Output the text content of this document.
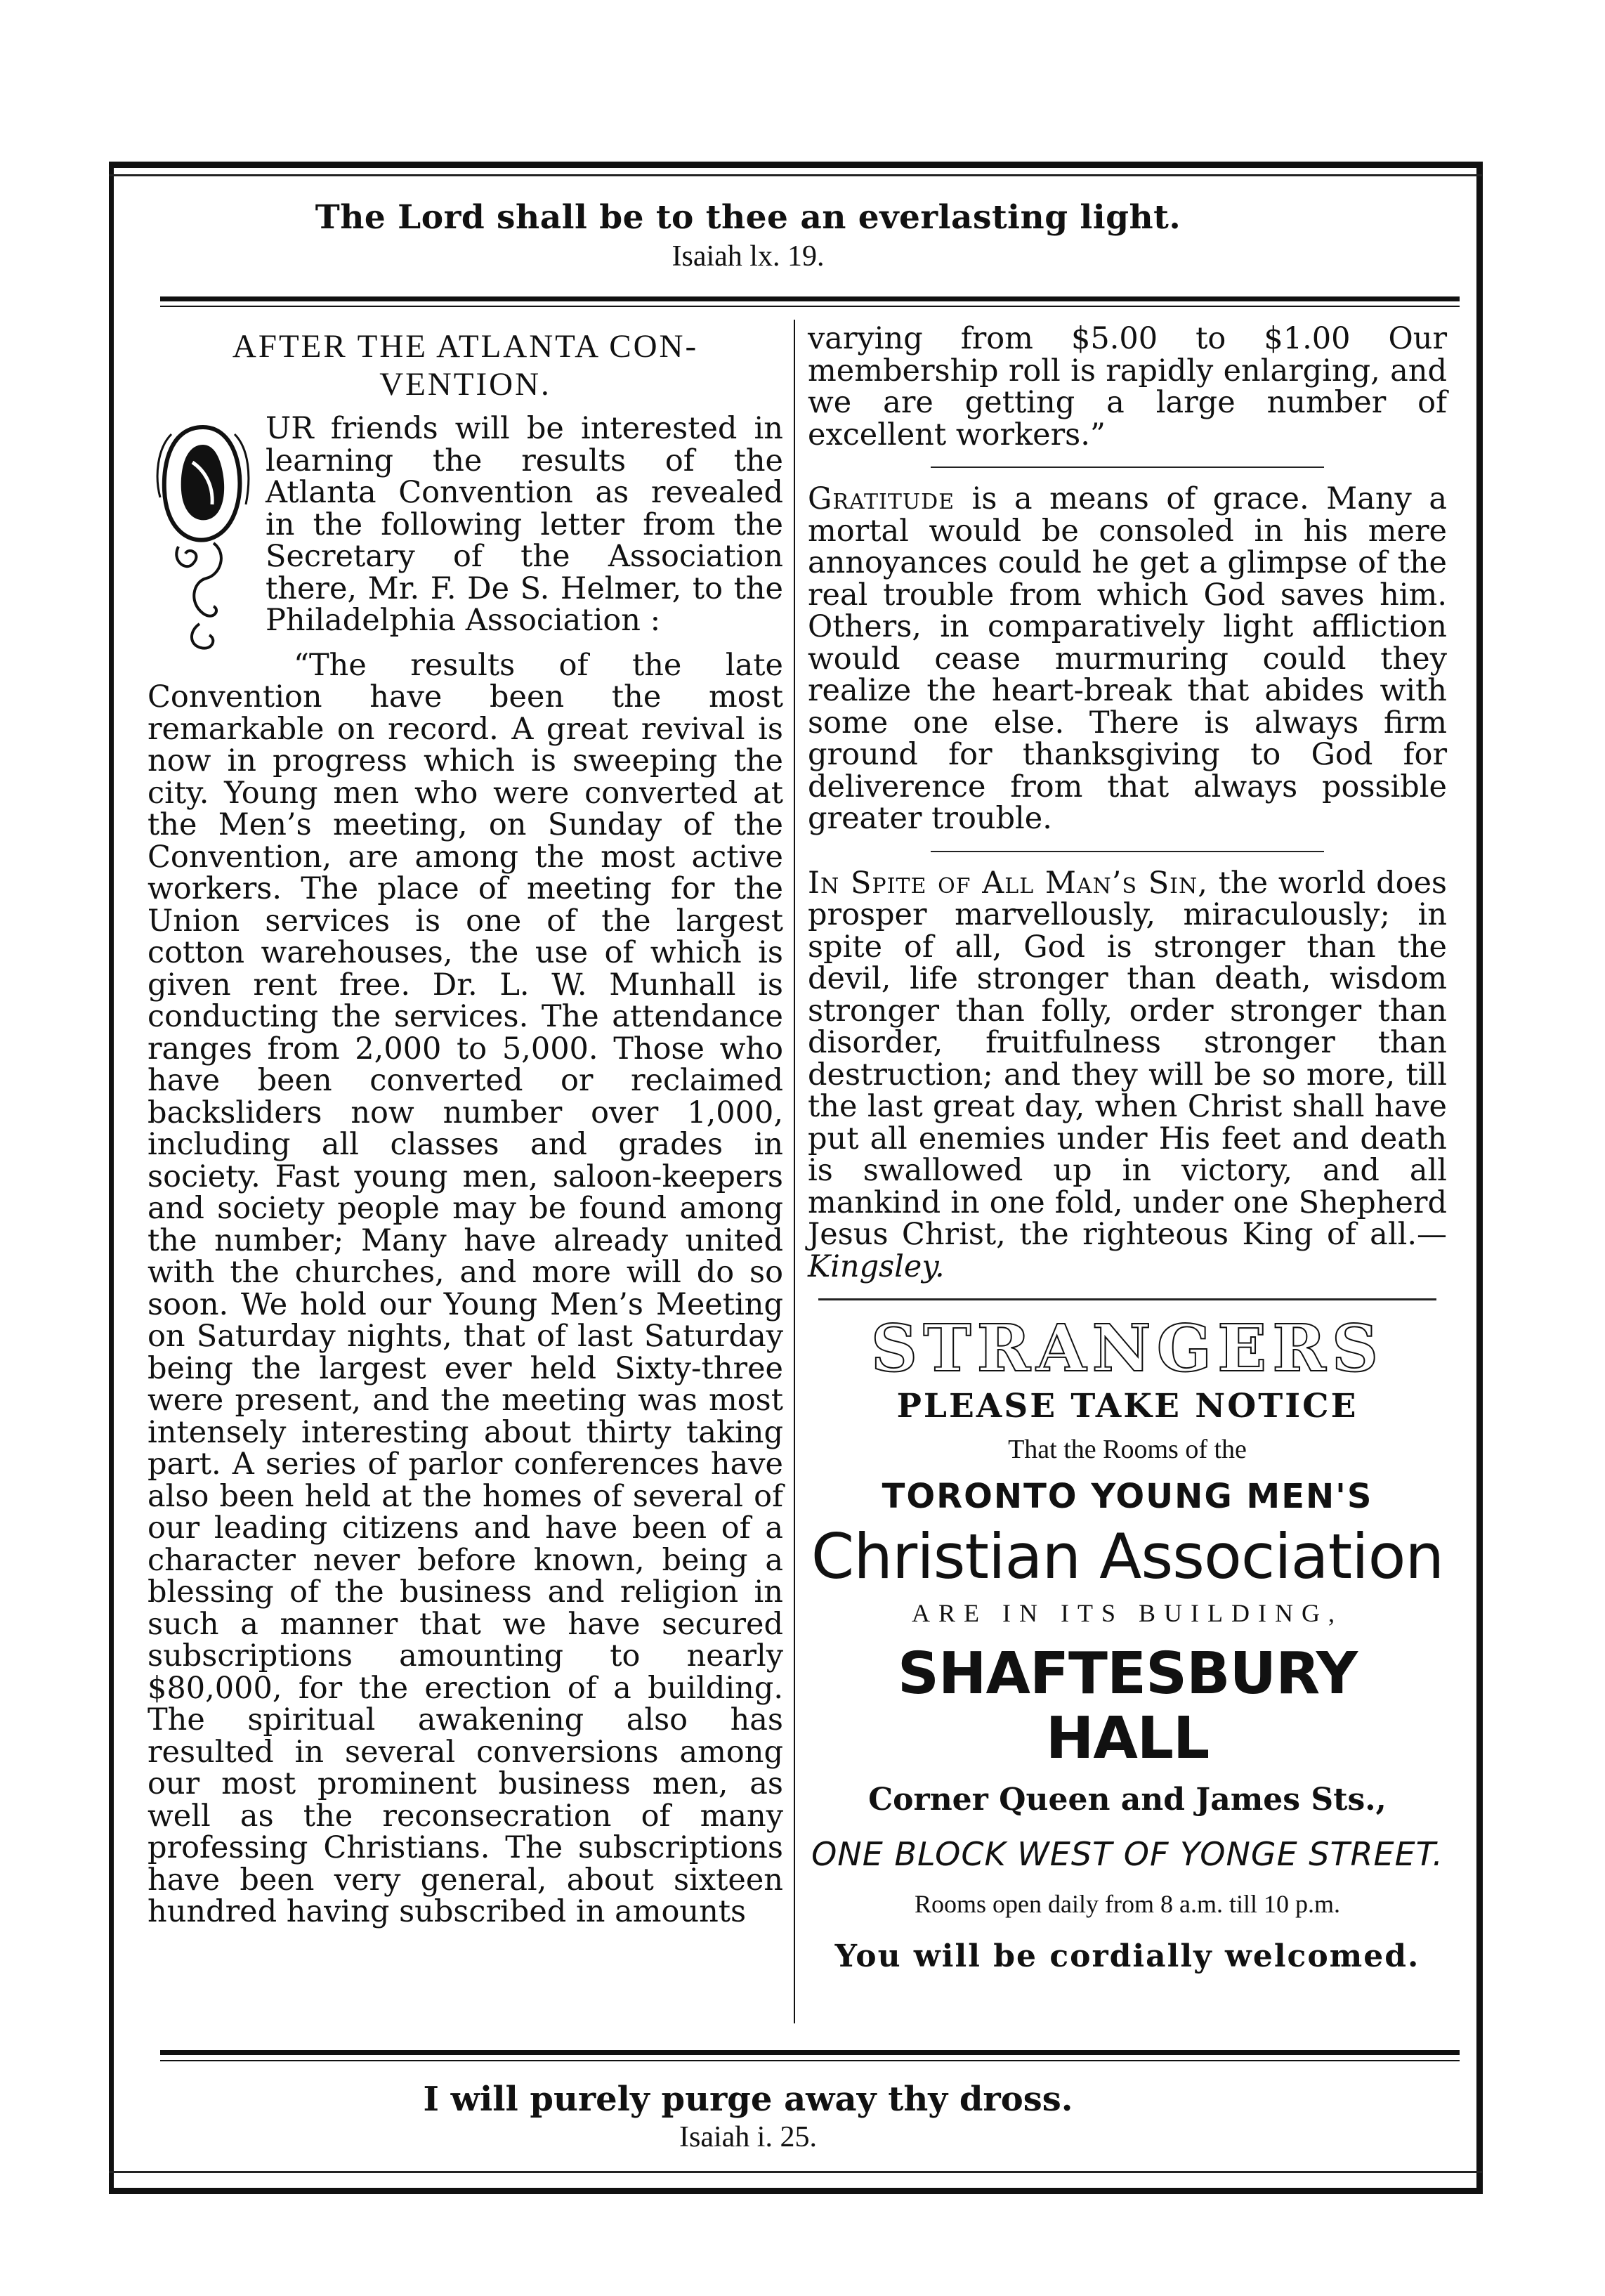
The Lord shall be to thee an everlasting light.
Isaiah lx. 19.
AFTER THE ATLANTA CON-
VENTION.

UR friends will be interested in learning the results of the Atlanta Convention as revealed in the following letter from the Secretary of the Association there, Mr. F. De S. Helmer, to the Philadelphia Association :

“The results of the late Convention have been the most remarkable on record. A great revival is now in progress which is sweeping the city. Young men who were converted at the Men’s meeting, on Sunday of the Convention, are among the most active workers. The place of meeting for the Union services is one of the largest cotton warehouses, the use of which is given rent free. Dr. L. W. Munhall is conducting the services. The attendance ranges from 2,000 to 5,000. Those who have been converted or reclaimed backsliders now number over 1,000, including all classes and grades in society. Fast young men, saloon-keepers and society people may be found among the number; Many have already united with the churches, and more will do so soon. We hold our Young Men’s Meeting on Saturday nights, that of last Saturday being the largest ever held Sixty-three were present, and the meeting was most intensely interesting about thirty taking part. A series of parlor conferences have also been held at the homes of several of our leading citizens and have been of a character never before known, being a blessing of the business and religion in such a manner that we have secured subscriptions amounting to nearly $80,000, for the erection of a building. The spiritual awakening also has resulted in several conversions among our most prominent business men, as well as the reconsecration of many professing Christians. The subscriptions have been very general, about sixteen hundred having subscribed in amounts

varying from $5.00 to $1.00 Our membership roll is rapidly enlarging, and we are getting a large number of excellent workers.”

Gratitude is a means of grace. Many a mortal would be consoled in his mere annoyances could he get a glimpse of the real trouble from which God saves him. Others, in comparatively light affliction would cease murmuring could they realize the heart-break that abides with some one else. There is always firm ground for thanksgiving to God for deliverence from that always possible greater trouble.

In Spite of All Man’s Sin, the world does prosper marvellously, miraculously; in spite of all, God is stronger than the devil, life stronger than death, wisdom stronger than folly, order stronger than disorder, fruitfulness stronger than destruction; and they will be so more, till the last great day, when Christ shall have put all enemies under His feet and death is swallowed up in victory, and all mankind in one fold, under one Shepherd Jesus Christ, the righteous King of all.—Kingsley.

STRANGERS
PLEASE TAKE NOTICE
That the Rooms of the
TORONTO YOUNG MEN'S
Christian Association
ARE IN ITS BUILDING,
SHAFTESBURY HALL
Corner Queen and James Sts.,
ONE BLOCK WEST OF YONGE STREET.
Rooms open daily from 8 a.m. till 10 p.m.
You will be cordially welcomed.
I will purely purge away thy dross.
Isaiah i. 25.
